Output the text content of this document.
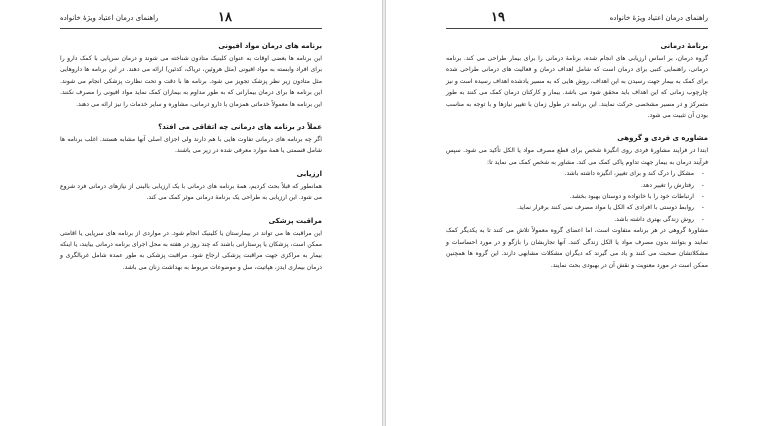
۱۸
راهنمای درمان اعتیاد ویژهٔ خانواده
برنامه های درمان مواد افیونی

این برنامه ها بعضی اوقات به عنوان کلینیک متادون شناخته می شوند و درمان سرپایی با کمک دارو را برای افراد وابسته به مواد افیونی (مثل هروئین، تریاک، کدئین) ارائه می دهند. در این برنامه ها داروهایی مثل متادون زیر نظر پزشک تجویز می شود. برنامه ها با دقت و تحت نظارت پزشکی انجام می شوند. این برنامه ها برای درمان بیمارانی که به طور مداوم به بیماران کمک نماید مواد افیونی را مصرف نکنند. این برنامه ها معمولاً خدماتی همزمان با دارو درمانی، مشاوره و سایر خدمات را نیز ارائه می دهند.

عملاً در برنامه های درمانی چه اتفاقی می افتد؟

اگر چه برنامه های درمانی تفاوت هایی با هم دارند ولی اجزای اصلی آنها مشابه هستند. اغلب برنامه ها شامل قسمتی یا همهٔ موارد معرفی شده در زیر می باشند.

ارزیابی

همانطور که قبلاً بحث کردیم، همهٔ برنامه های درمانی با یک ارزیابی بالینی از نیازهای درمانی فرد شروع می شود. این ارزیابی به طراحی یک برنامهٔ درمانی موثر کمک می کند.

مراقبت پزشکی

این مراقبت ها می تواند در بیمارستان یا کلینیک انجام شود. در مواردی از برنامه های سرپایی یا اقامتی ممکن است، پزشکان یا پرستارانی باشند که چند روز در هفته به محل اجرای برنامه درمانی بیایند، یا اینکه بیمار به مراکزی جهت مراقبت پزشکی ارجاع شود. مراقبت پزشکی به طور عمده شامل غربالگری و درمان بیماری ایدز، هپاتیت، سل و موضوعات مربوط به بهداشت زنان می باشد.

۱۹	راهنمای درمان اعتیاد ویژهٔ خانواده
برنامهٔ درمانی

گروه درمان، بر اساس ارزیابی های انجام شده، برنامهٔ درمانی را برای بیمار طراحی می کند. برنامه درمانی، راهنمایی کتبی برای درمان است که شامل اهداف درمان و فعالیت های درمانی طراحی شده برای کمک به بیمار جهت رسیدن به این اهداف، روش هایی که به مسیر یادشده اهداف رسیده است و نیز چارچوب زمانی که این اهداف باید محقق شود می باشد. بیمار و کارکنان درمان کمک می کنند به طور متمرکز و در مسیر مشخصی حرکت نمایند. این برنامه در طول زمان با تغییر نیازها و با توجه به مناسب بودن آن تثبیت می شود.

مشاوره ی فردی و گروهی

ابتدا در فرایند مشاورهٔ فردی روی انگیزهٔ شخص برای قطع مصرف مواد یا الکل تأکید می شود. سپس فرآیند درمان به بیمار جهت تداوم پاکی کمک می کند. مشاور به شخص کمک می نماید تا:

- مشکل را درک کند و برای تغییر، انگیزه داشته باشد.
- رفتارش را تغییر دهد.
- ارتباطات خود را با خانواده و دوستان بهبود بخشد.
- روابط دوستی با افرادی که الکل یا مواد مصرف نمی کنند برقرار نماید.
- روش زندگی بهتری داشته باشد.

مشاورهٔ گروهی در هر برنامه متفاوت است، اما اعضای گروه معمولاً تلاش می کنند تا به یکدیگر کمک نمایند و بتوانند بدون مصرف مواد یا الکل زندگی کنند. آنها تجاربشان را بازگو و در مورد احساسات و مشکلاتشان صحبت می کنند و یاد می گیرند که دیگران مشکلات مشابهی دارند. این گروه ها همچنین ممکن است در مورد معنویت و نقش آن در بهبودی بحث نمایند.
